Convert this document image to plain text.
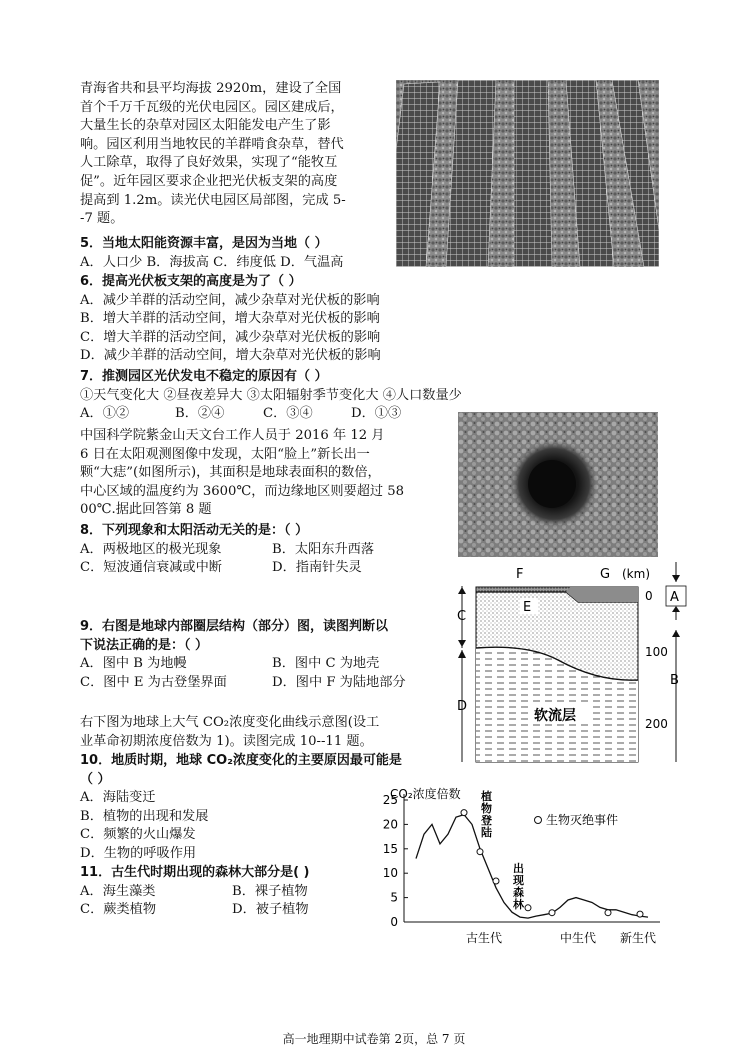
青海省共和县平均海拔 2920m，建设了全国
首个千万千瓦级的光伏电园区。园区建成后，
大量生长的杂草对园区太阳能发电产生了影
响。园区利用当地牧民的羊群啃食杂草，替代
人工除草，取得了良好效果，实现了“能牧互
促”。近年园区要求企业把光伏板支架的高度
提高到 1.2m。读光伏电园区局部图，完成 5-
-7 题。
5．当地太阳能资源丰富，是因为当地（ ）
A．人口少 B．海拔高 C．纬度低 D．气温高
6．提高光伏板支架的高度是为了（ ）
A．减少羊群的活动空间，减少杂草对光伏板的影响
B．增大羊群的活动空间，增大杂草对光伏板的影响
C．增大羊群的活动空间，减少杂草对光伏板的影响
D．减少羊群的活动空间，增大杂草对光伏板的影响
7．推测园区光伏发电不稳定的原因有（ ）
①天气变化大 ②昼夜差异大 ③太阳辐射季节变化大 ④人口数量少
A．①②	B．②④	C．③④	D．①③
中国科学院紫金山天文台工作人员于 2016 年 12 月
6 日在太阳观测图像中发现，太阳“脸上”新长出一
颗“大痣”(如图所示)，其面积是地球表面积的数倍，
中心区域的温度约为 3600℃，而边缘地区则要超过 58
00℃.据此回答第 8 题
8．下列现象和太阳活动无关的是：（ ）
A．两极地区的极光现象	B．太阳东升西落
C．短波通信衰减或中断	D．指南针失灵
E
软流层
F	G (km)
C
D
0
100
200
A
B
9．右图是地球内部圈层结构（部分）图，读图判断以
下说法正确的是：（ ）
A．图中 B 为地幔	B．图中 C 为地壳
C．图中 E 为古登堡界面	D．图中 F 为陆地部分
右下图为地球上大气 CO₂浓度变化曲线示意图(设工
业革命初期浓度倍数为 1)。读图完成 10--11 题。
10．地质时期，地球 CO₂浓度变化的主要原因最可能是
（ ）
A．海陆变迁
B．植物的出现和发展
C．频繁的火山爆发
D．生物的呼吸作用
11．古生代时期出现的森林大部分是( )
A．海生藻类	B．裸子植物
C．蕨类植物	D．被子植物
CO₂浓度倍数
0
5
10
15
20
25	植
物
登
陆
出
现
森
林
生物灭绝事件
古生代	中生代 新生代
高一地理期中试卷第 2页，总 7 页
